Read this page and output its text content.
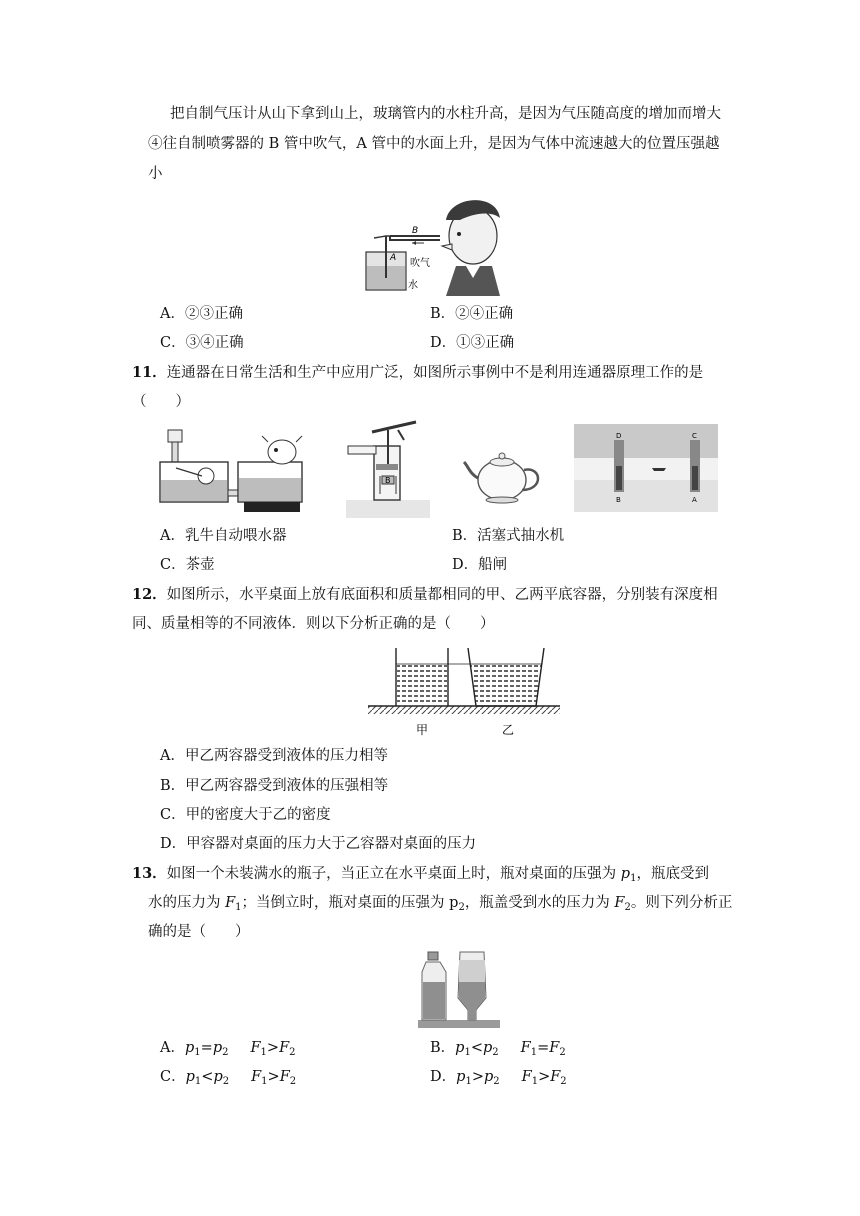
把自制气压计从山下拿到山上，玻璃管内的水柱升高，是因为气压随高度的增加而增大
④往自制喷雾器的 B 管中吹气，A 管中的水面上升，是因为气体中流速越大的位置压强越
小
B
A 吹气
水
A．②③正确	B．②④正确
C．③④正确	D．①③正确
11．连通器在日常生活和生产中应用广泛，如图所示事例中不是利用连通器原理工作的是
（　　）
B
D	C
B	A
A．乳牛自动喂水器	B．活塞式抽水机
C．茶壶	D．船闸
12．如图所示，水平桌面上放有底面积和质量都相同的甲、乙两平底容器，分别装有深度相
同、质量相等的不同液体．则以下分析正确的是（　　）
甲	乙
A．甲乙两容器受到液体的压力相等
B．甲乙两容器受到液体的压强相等
C．甲的密度大于乙的密度
D．甲容器对桌面的压力大于乙容器对桌面的压力
13．如图一个未装满水的瓶子，当正立在水平桌面上时，瓶对桌面的压强为 $p_1$，瓶底受到
水的压力为 $F_1$；当倒立时，瓶对桌面的压强为 $p_2$，瓶盖受到水的压力为 $F_2$。则下列分析正
确的是（　　）
A．$p_1=p_2$ $F_1>F_2$	B．$p_1<p_2$ $F_1=F_2$
C．$p_1<p_2$ $F_1>F_2$	D．$p_1>p_2$ $F_1>F_2$
